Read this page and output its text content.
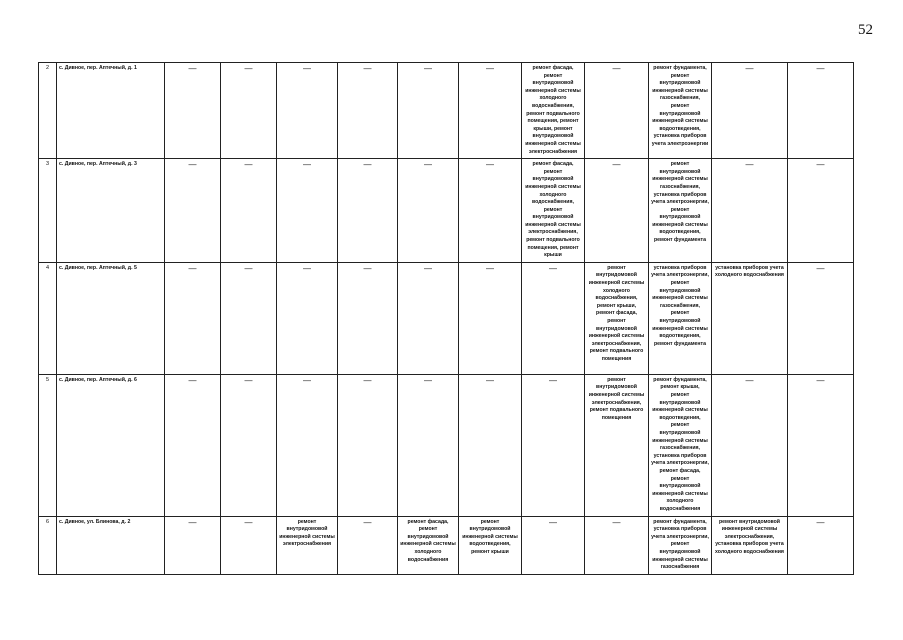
52
2	с. Дивное, пер. Аптечный, д. 1	—	—	—	—	—	—	ремонт фасада, ремонт внутридомовой инженерной системы холодного водоснабжения, ремонт подвального помещения, ремонт крыши, ремонт внутридомовой инженерной системы электроснабжения	—	ремонт фундамента, ремонт внутридомовой инженерной системы газоснабжения, ремонт внутридомовой инженерной системы водоотведения, установка приборов учета электроэнергии	—	—

3	с. Дивное, пер. Аптечный, д. 3	—	—	—	—	—	—	ремонт фасада, ремонт внутридомовой инженерной системы холодного водоснабжения, ремонт внутридомовой инженерной системы электроснабжения, ремонт подвального помещения, ремонт крыши	—	ремонт внутридомовой инженерной системы газоснабжения, установка приборов учета электроэнергии, ремонт внутридомовой инженерной системы водоотведения, ремонт фундамента	—	—

4	с. Дивное, пер. Аптечный, д. 5	—	—	—	—	—	—	—	ремонт внутридомовой инженерной системы холодного водоснабжения, ремонт крыши, ремонт фасада, ремонт внутридомовой инженерной системы электроснабжения, ремонт подвального помещения	установка приборов учета электроэнергии, ремонт внутридомовой инженерной системы газоснабжения, ремонт внутридомовой инженерной системы водоотведения, ремонт фундамента	установка приборов учета холодного водоснабжения	—

5	с. Дивное, пер. Аптечный, д. 6	—	—	—	—	—	—	—	ремонт внутридомовой инженерной системы электроснабжения, ремонт подвального помещения	ремонт фундамента, ремонт крыши, ремонт внутридомовой инженерной системы водоотведения, ремонт внутридомовой инженерной системы газоснабжения, установка приборов учета электроэнергии, ремонт фасада, ремонт внутридомовой инженерной системы холодного водоснабжения	—	—

6	с. Дивное, ул. Блинова, д. 2	—	—	ремонт внутридомовой инженерной системы электроснабжения	—	ремонт фасада, ремонт внутридомовой инженерной системы холодного водоснабжения	ремонт внутридомовой инженерной системы водоотведения, ремонт крыши	—	—	ремонт фундамента, установка приборов учета электроэнергии, ремонт внутридомовой инженерной системы газоснабжения	ремонт внутридомовой инженерной системы электроснабжения, установка приборов учета холодного водоснабжения	—
